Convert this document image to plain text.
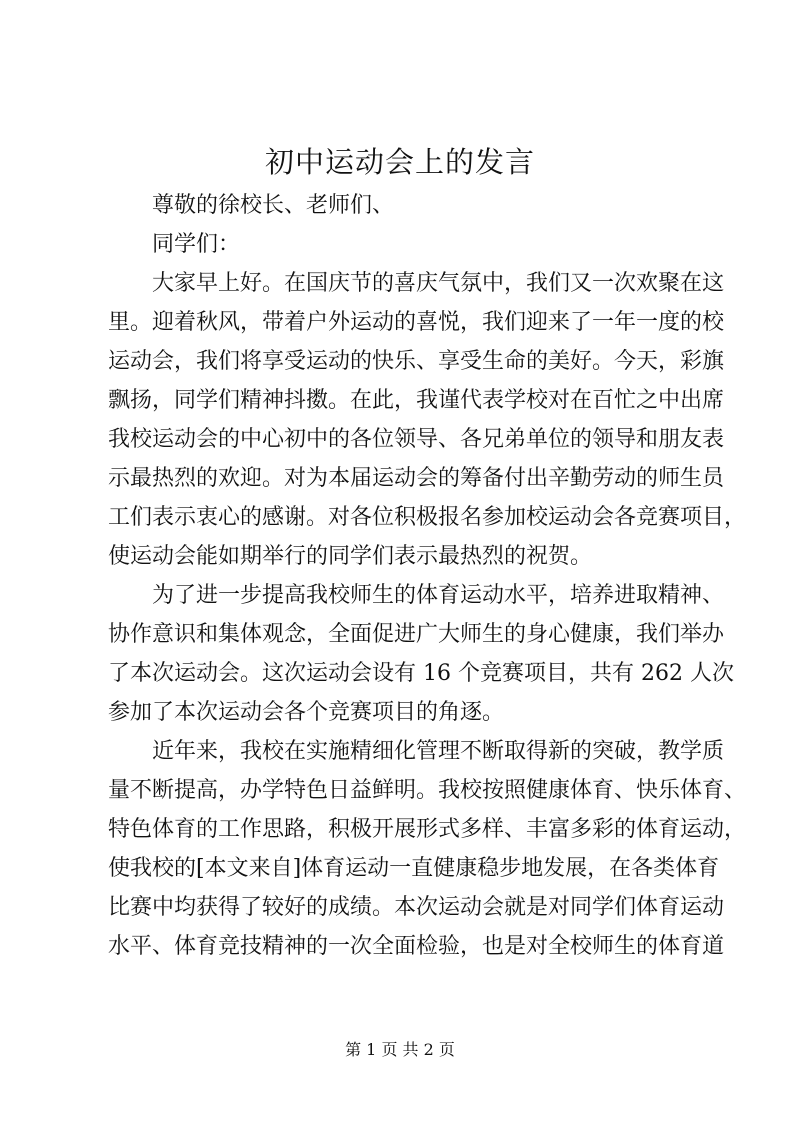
初中运动会上的发言
尊敬的徐校长、老师们、
同学们：
大家早上好。在国庆节的喜庆气氛中，我们又一次欢聚在这
里。迎着秋风，带着户外运动的喜悦，我们迎来了一年一度的校
运动会，我们将享受运动的快乐、享受生命的美好。今天，彩旗
飘扬，同学们精神抖擞。在此，我谨代表学校对在百忙之中出席
我校运动会的中心初中的各位领导、各兄弟单位的领导和朋友表
示最热烈的欢迎。对为本届运动会的筹备付出辛勤劳动的师生员
工们表示衷心的感谢。对各位积极报名参加校运动会各竞赛项目，
使运动会能如期举行的同学们表示最热烈的祝贺。
为了进一步提高我校师生的体育运动水平，培养进取精神、
协作意识和集体观念，全面促进广大师生的身心健康，我们举办
了本次运动会。这次运动会设有 16 个竞赛项目，共有 262 人次
参加了本次运动会各个竞赛项目的角逐。
近年来，我校在实施精细化管理不断取得新的突破，教学质
量不断提高，办学特色日益鲜明。我校按照健康体育、快乐体育、
特色体育的工作思路，积极开展形式多样、丰富多彩的体育运动，
使我校的[本文来自]体育运动一直健康稳步地发展，在各类体育
比赛中均获得了较好的成绩。本次运动会就是对同学们体育运动
水平、体育竞技精神的一次全面检验，也是对全校师生的体育道
第 1 页 共 2 页
